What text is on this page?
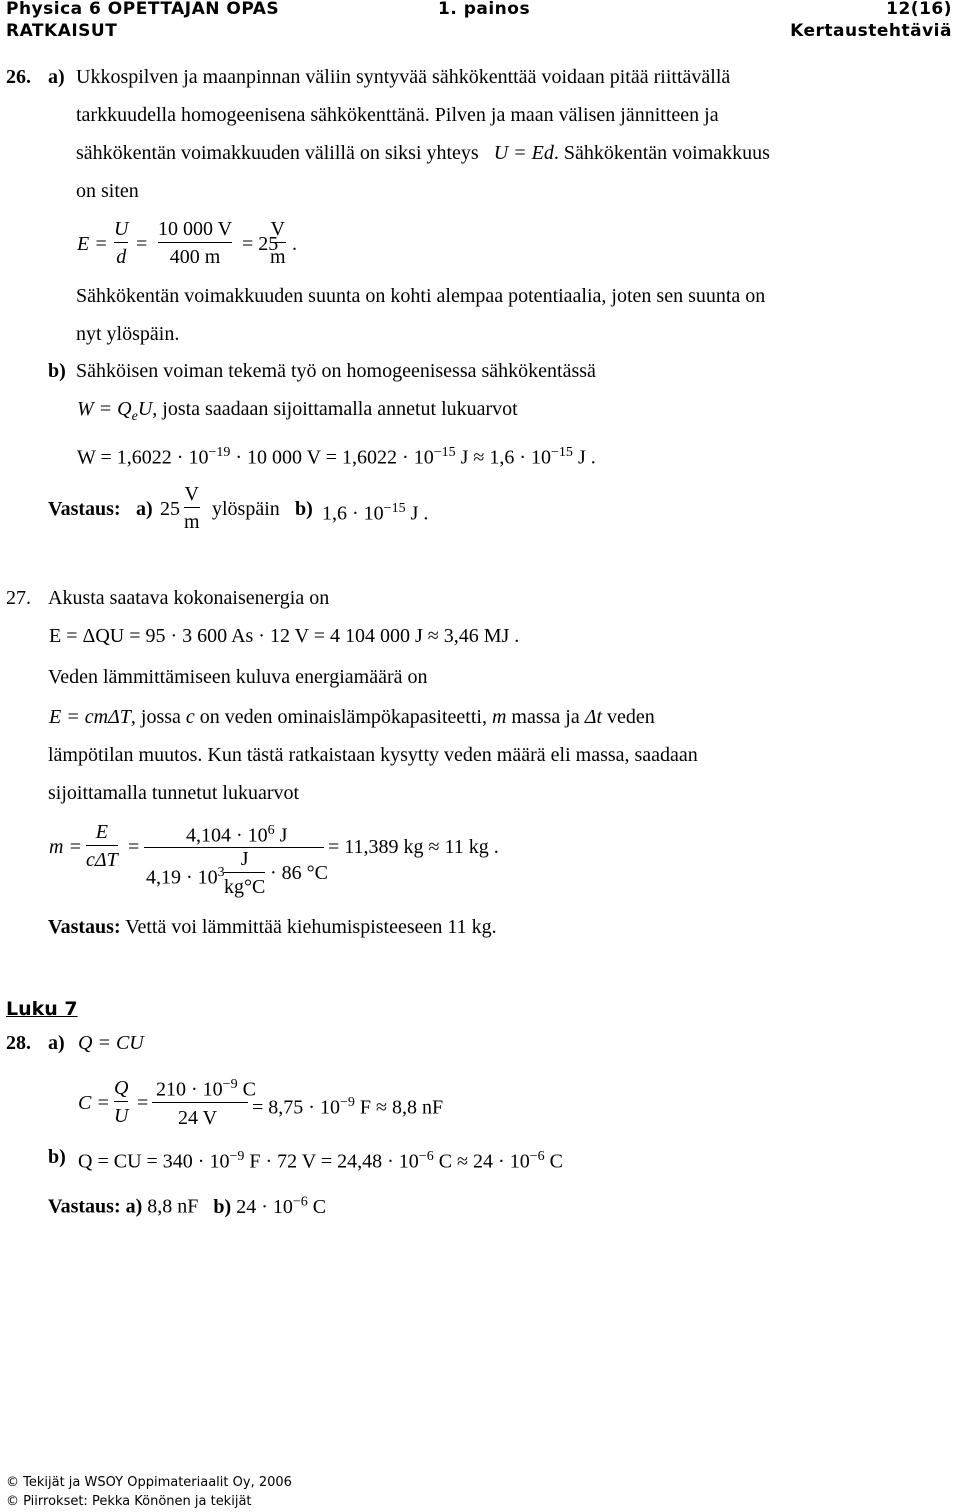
Physica 6 OPETTAJAN OPAS	1. painos	12(16)
RATKAISUT	Kertaustehtäviä
26. a) Ukkospilven ja maanpinnan väliin syntyvää sähkökenttää voidaan pitää riittävällä
tarkkuudella homogeenisena sähkökenttänä. Pilven ja maan välisen jännitteen ja
sähkökentän voimakkuuden välillä on siksi yhteys U = Ed. Sähkökentän voimakkuus
on siten
E =
U
d
=
10 000 V
400 m
= 25
V
m
.
Sähkökentän voimakkuuden suunta on kohti alempaa potentiaalia, joten sen suunta on
nyt ylöspäin.
b) Sähköisen voiman tekemä työ on homogeenisessa sähkökentässä
$W = Q_eU$, josta saadaan sijoittamalla annetut lukuarvot
$W = 1,6022 \cdot 10^{-19} \cdot 10$ 000 $V = 1,6022 \cdot 10^{-15}$ $J \approx 1,6 \cdot 10^{-15}$ J .
Vastaus: a) 25
V
m
ylöspäin b) $1,6 \cdot 10^{-15}$ J .
27. Akusta saatava kokonaisenergia on
E = ΔQU = 95 · 3 600 As · 12 V = 4 104 000 J ≈ 3,46 MJ .
Veden lämmittämiseen kuluva energiamäärä on
E = cmΔT, jossa c on veden ominaislämpökapasiteetti, m massa ja Δt veden
lämpötilan muutos. Kun tästä ratkaistaan kysytty veden määrä eli massa, saadaan
sijoittamalla tunnetut lukuarvot
m =
E
cΔT
=
$4,104 \cdot 10^6$ J
$4,19 \cdot 10^3$
J
kg°C
· 86 °C
= 11,389 kg ≈ 11 kg .
Vastaus: Vettä voi lämmittää kiehumispisteeseen 11 kg.
Luku 7
28. a) Q = CU
C =
Q
U
=
$210 \cdot 10^{-9}$ C
24 $V = 8,75 \cdot 10^{-9}$ F ≈ 8,8 nF
b) Q = CU = $340 \cdot 10^{-9}$ F · 72 $V = 24,48 \cdot 10^{-6}$ $C \approx 24 \cdot 10^{-6}$ C
Vastaus: a) 8,8 nF b) $24 \cdot 10^{-6}$ C
© Tekijät ja WSOY Oppimateriaalit Oy, 2006
© Piirrokset: Pekka Könönen ja tekijät
